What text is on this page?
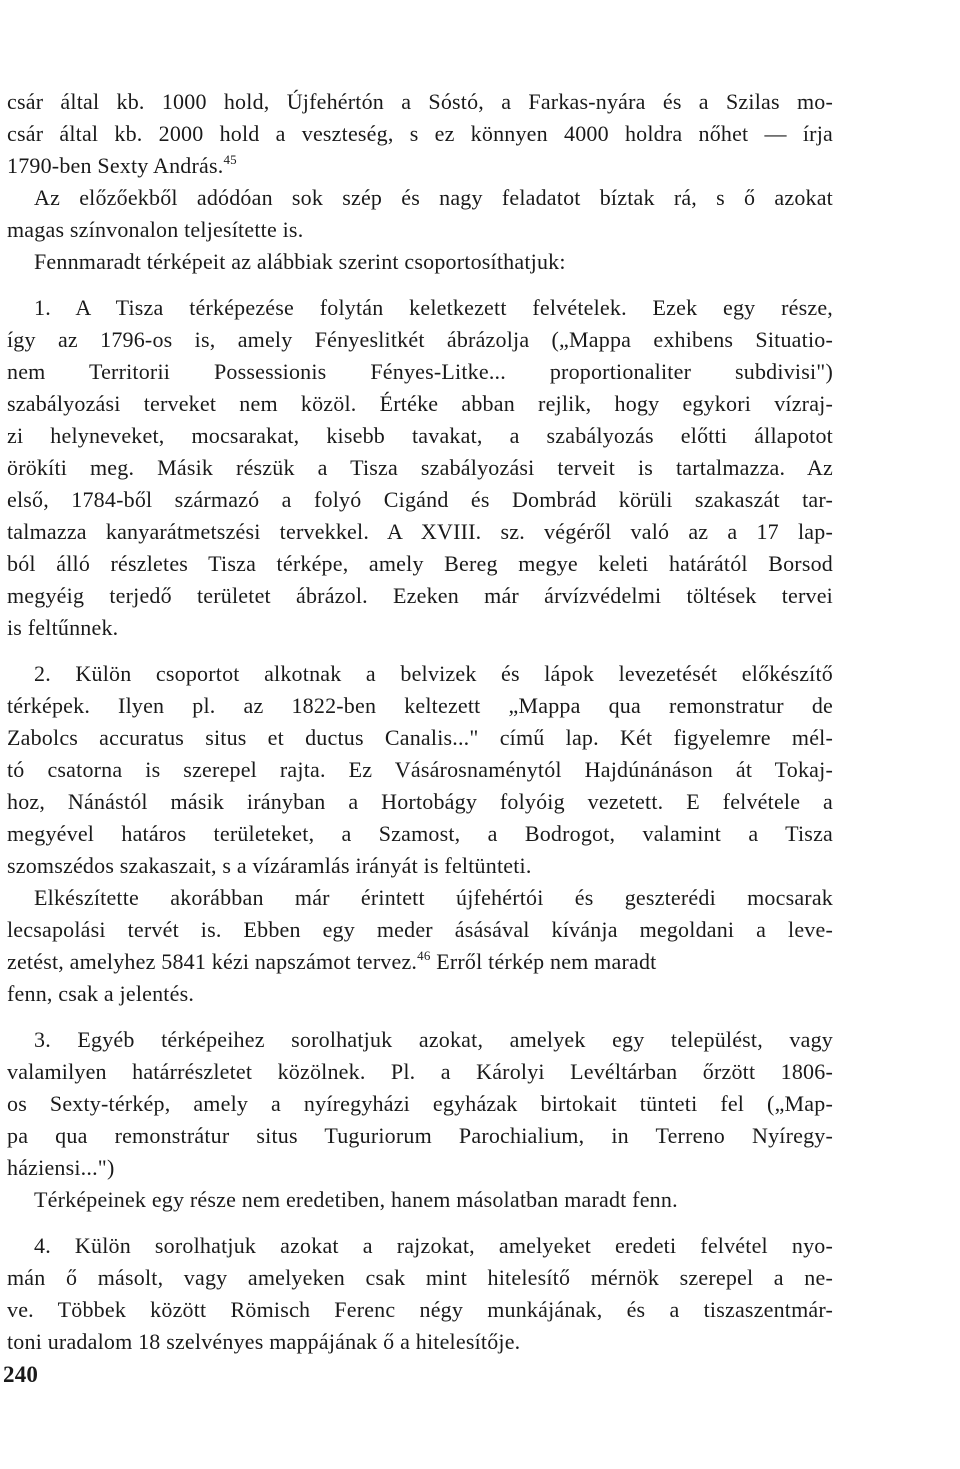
csár által kb. 1000 hold, Újfehértón a Sóstó, a Farkas-nyára és a Szilas mo-
csár által kb. 2000 hold a veszteség, s ez könnyen 4000 holdra nőhet — írja
1790-ben Sexty András.$^{45}$
Az előzőekből adódóan sok szép és nagy feladatot bíztak rá, s ő azokat
magas színvonalon teljesítette is.
Fennmaradt térképeit az alábbiak szerint csoportosíthatjuk:
1. A Tisza térképezése folytán keletkezett felvételek. Ezek egy része,
így az 1796-os is, amely Fényeslitkét ábrázolja („Mappa exhibens Situatio-
nem Territorii Possessionis Fényes-Litke... proportionaliter subdivisi")
szabályozási terveket nem közöl. Értéke abban rejlik, hogy egykori vízraj-
zi helyneveket, mocsarakat, kisebb tavakat, a szabályozás előtti állapotot
örökíti meg. Másik részük a Tisza szabályozási terveit is tartalmazza. Az
első, 1784-ből származó a folyó Cigánd és Dombrád körüli szakaszát tar-
talmazza kanyarátmetszési tervekkel. A XVIII. sz. végéről való az a 17 lap-
ból álló részletes Tisza térképe, amely Bereg megye keleti határától Borsod
megyéig terjedő területet ábrázol. Ezeken már árvízvédelmi töltések tervei
is feltűnnek.
2. Külön csoportot alkotnak a belvizek és lápok levezetését előkészítő
térképek. Ilyen pl. az 1822-ben keltezett „Mappa qua remonstratur de
Zabolcs accuratus situs et ductus Canalis..." című lap. Két figyelemre mél-
tó csatorna is szerepel rajta. Ez Vásárosnaménytól Hajdúnánáson át Tokaj-
hoz, Nánástól másik irányban a Hortobágy folyóig vezetett. E felvétele a
megyével határos területeket, a Szamost, a Bodrogot, valamint a Tisza
szomszédos szakaszait, s a vízáramlás irányát is feltünteti.
Elkészítette akorábban már érintett újfehértói és geszterédi mocsarak
lecsapolási tervét is. Ebben egy meder ásásával kívánja megoldani a leve-
zetést, amelyhez 5841 kézi napszámot tervez.$^{46}$ Erről térkép nem maradt
fenn, csak a jelentés.
3. Egyéb térképeihez sorolhatjuk azokat, amelyek egy települést, vagy
valamilyen határrészletet közölnek. Pl. a Károlyi Levéltárban őrzött 1806-
os Sexty-térkép, amely a nyíregyházi egyházak birtokait tünteti fel („Map-
pa qua remonstrátur situs Tuguriorum Parochialium, in Terreno Nyíregy-
háziensi...")
Térképeinek egy része nem eredetiben, hanem másolatban maradt fenn.
4. Külön sorolhatjuk azokat a rajzokat, amelyeket eredeti felvétel nyo-
mán ő másolt, vagy amelyeken csak mint hitelesítő mérnök szerepel a ne-
ve. Többek között Römisch Ferenc négy munkájának, és a tiszaszentmár-
toni uradalom 18 szelvényes mappájának ő a hitelesítője.
240
